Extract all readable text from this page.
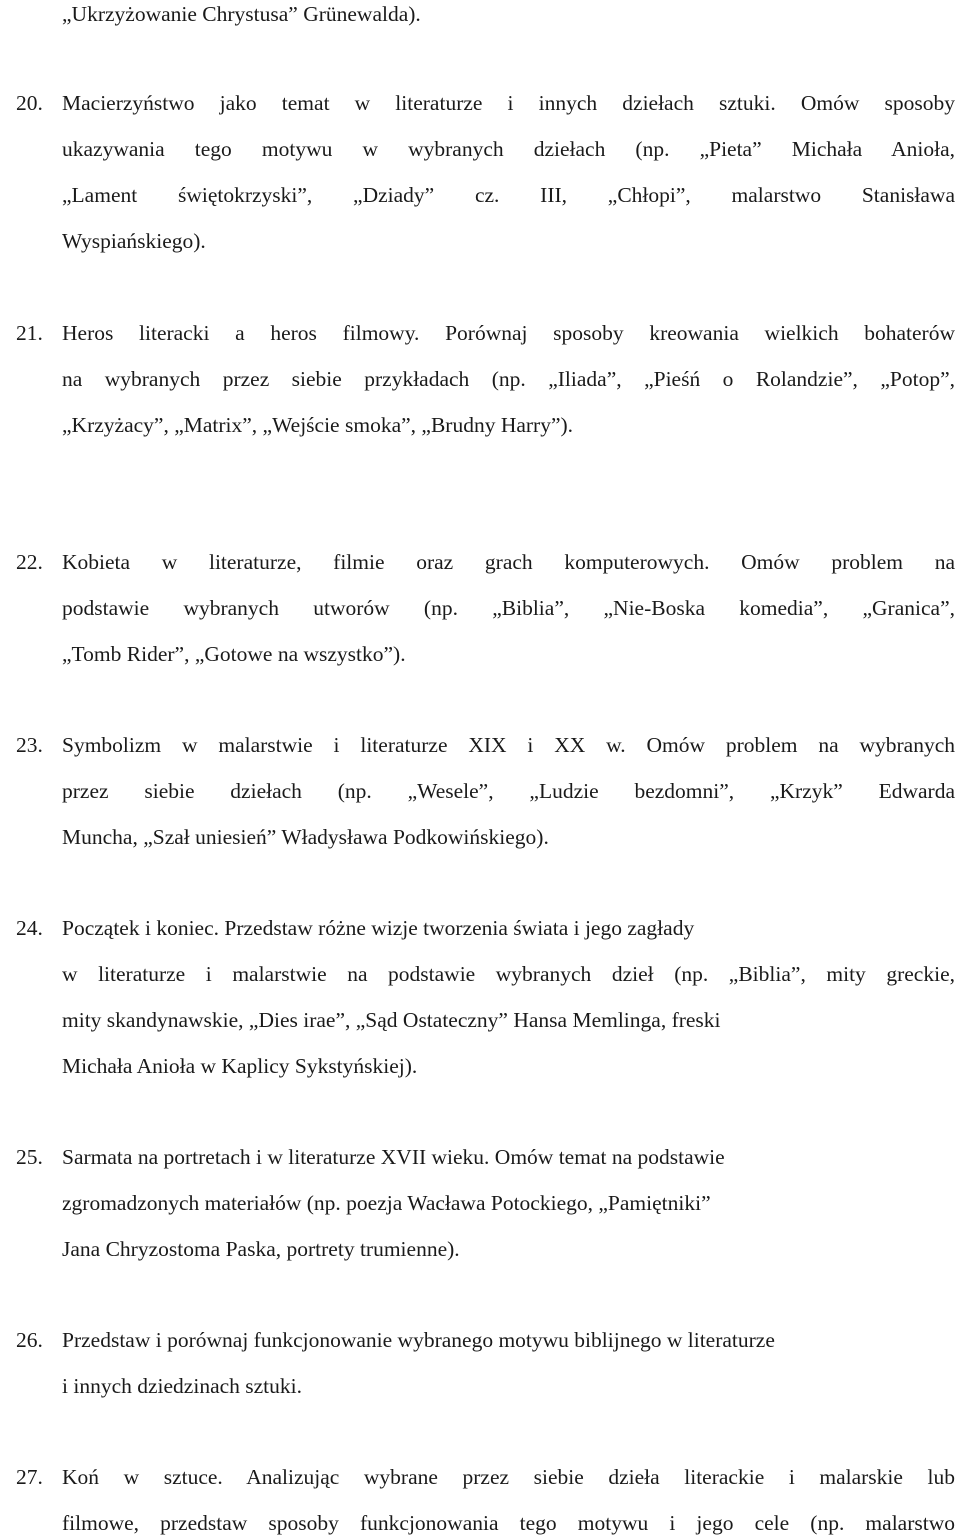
„Ukrzyżowanie Chrystusa” Grünewalda).
20. Macierzyństwo jako temat w literaturze i innych dziełach sztuki. Omów sposoby
ukazywania tego motywu w wybranych dziełach (np. „Pieta” Michała Anioła,
„Lament świętokrzyski”, „Dziady” cz. III, „Chłopi”, malarstwo Stanisława
Wyspiańskiego).
21. Heros literacki a heros filmowy. Porównaj sposoby kreowania wielkich bohaterów
na wybranych przez siebie przykładach (np. „Iliada”, „Pieśń o Rolandzie”, „Potop”,
„Krzyżacy”, „Matrix”, „Wejście smoka”, „Brudny Harry”).
22. Kobieta w literaturze, filmie oraz grach komputerowych. Omów problem na
podstawie wybranych utworów (np. „Biblia”, „Nie-Boska komedia”, „Granica”,
„Tomb Rider”, „Gotowe na wszystko”).
23. Symbolizm w malarstwie i literaturze XIX i XX w. Omów problem na wybranych
przez siebie dziełach (np. „Wesele”, „Ludzie bezdomni”, „Krzyk” Edwarda
Muncha, „Szał uniesień” Władysława Podkowińskiego).
24. Początek i koniec. Przedstaw różne wizje tworzenia świata i jego zagłady
w literaturze i malarstwie na podstawie wybranych dzieł (np. „Biblia”, mity greckie,
mity skandynawskie, „Dies irae”, „Sąd Ostateczny” Hansa Memlinga, freski
Michała Anioła w Kaplicy Sykstyńskiej).
25. Sarmata na portretach i w literaturze XVII wieku. Omów temat na podstawie
zgromadzonych materiałów (np. poezja Wacława Potockiego, „Pamiętniki”
Jana Chryzostoma Paska, portrety trumienne).
26. Przedstaw i porównaj funkcjonowanie wybranego motywu biblijnego w literaturze
i innych dziedzinach sztuki.
27. Koń w sztuce. Analizując wybrane przez siebie dzieła literackie i malarskie lub
filmowe, przedstaw sposoby funkcjonowania tego motywu i jego cele (np. malarstwo
